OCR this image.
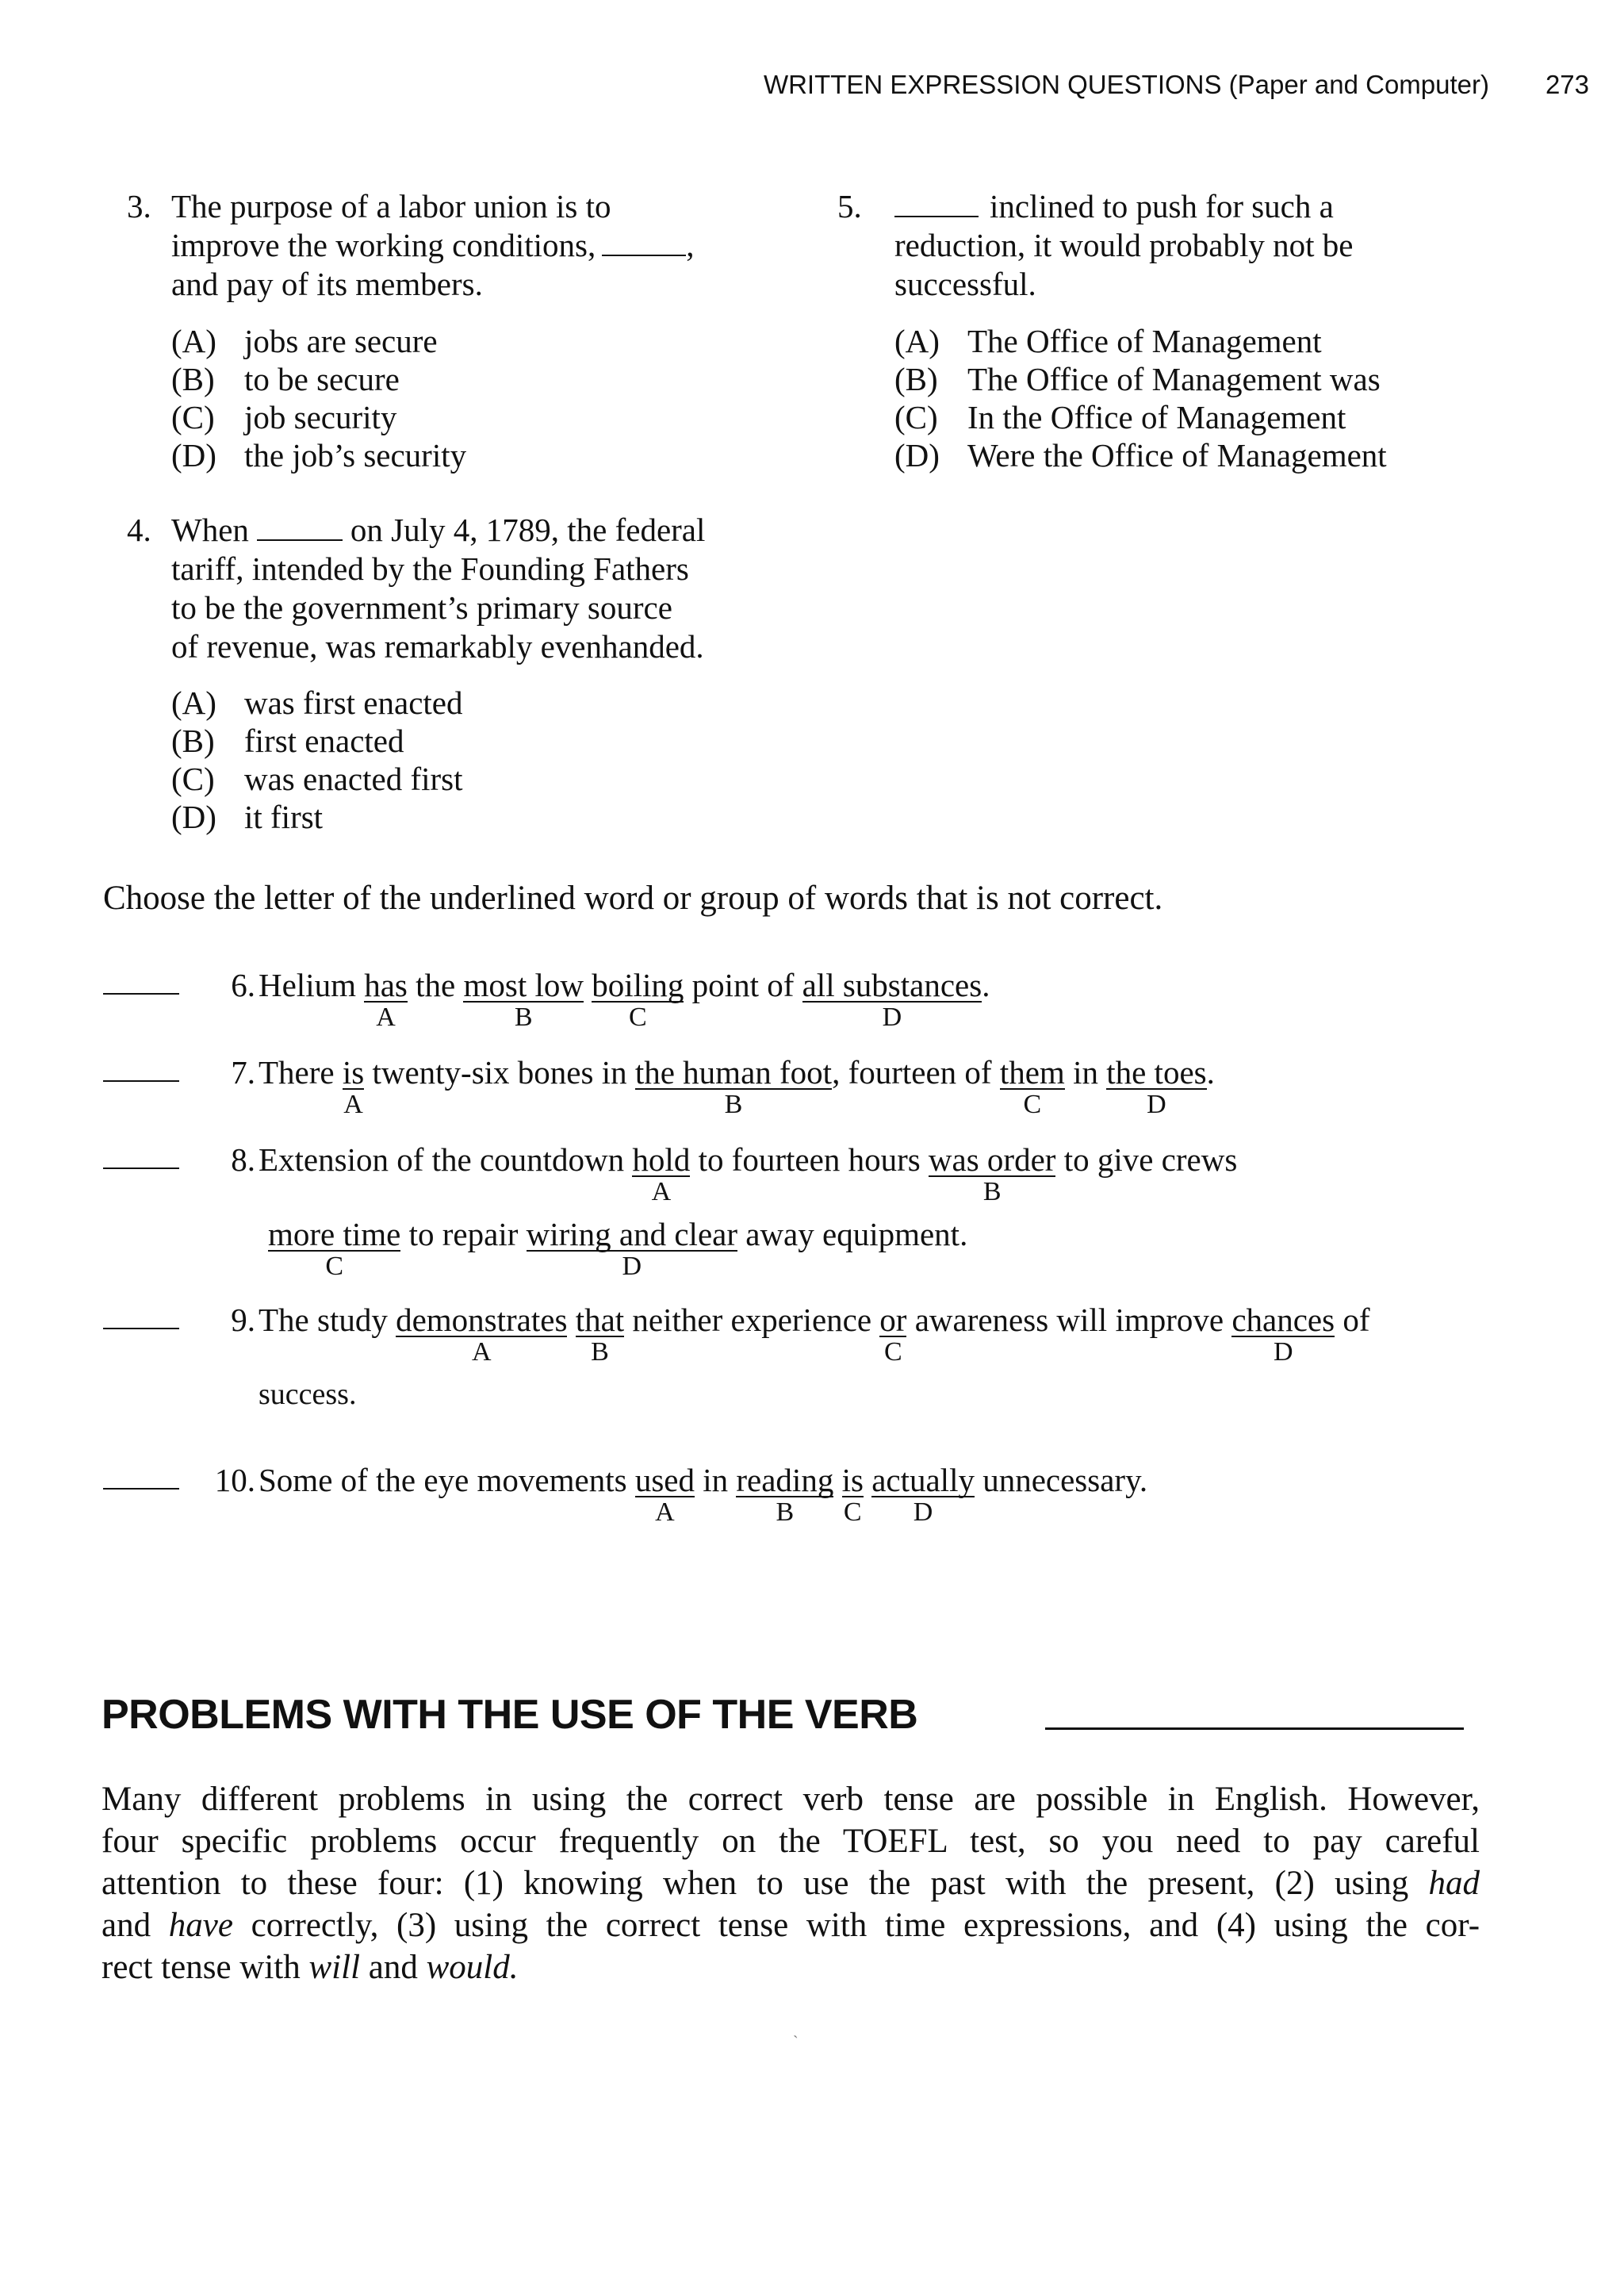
WRITTEN EXPRESSION QUESTIONS (Paper and Computer) 273
3. The purpose of a labor union is to
improve the working conditions,	,
and pay of its members.
(A) jobs are secure
(B) to be secure
(C) job security
(D) the job’s security
5.	inclined to push for such a
reduction, it would probably not be
successful.
(A) The Office of Management
(B) The Office of Management was
(C) In the Office of Management
(D) Were the Office of Management
4. When	on July 4, 1789, the federal
tariff, intended by the Founding Fathers
to be the government’s primary source
of revenue, was remarkably evenhanded.
(A) was first enacted
(B) first enacted
(C) was enacted first
(D) it first
Choose the letter of the underlined word or group of words that is not correct.
6. Helium has
A
the most low
B
boiling
C
point of all substances
D
.
7. There is
A
twenty-six bones in the human foot
B
, fourteen of them
C
in the toes
D
.
8. Extension of the countdown hold
A
to fourteen hours was order
B
to give crews
more time
C
to repair wiring and clear
D
away equipment.
9. The study demonstrates
A
that
B
neither experience or
C
awareness will improve chances
D
of
success.
10. Some of the eye movements used
A
in reading
B
is
C
actually
D
unnecessary.
PROBLEMS WITH THE USE OF THE VERB
Many different problems in using the correct verb tense are possible in English. However,
four specific problems occur frequently on the TOEFL test, so you need to pay careful
attention to these four: (1) knowing when to use the past with the present, (2) using had
and have correctly, (3) using the correct tense with time expressions, and (4) using the cor-
rect tense with will and would.
ˏ
